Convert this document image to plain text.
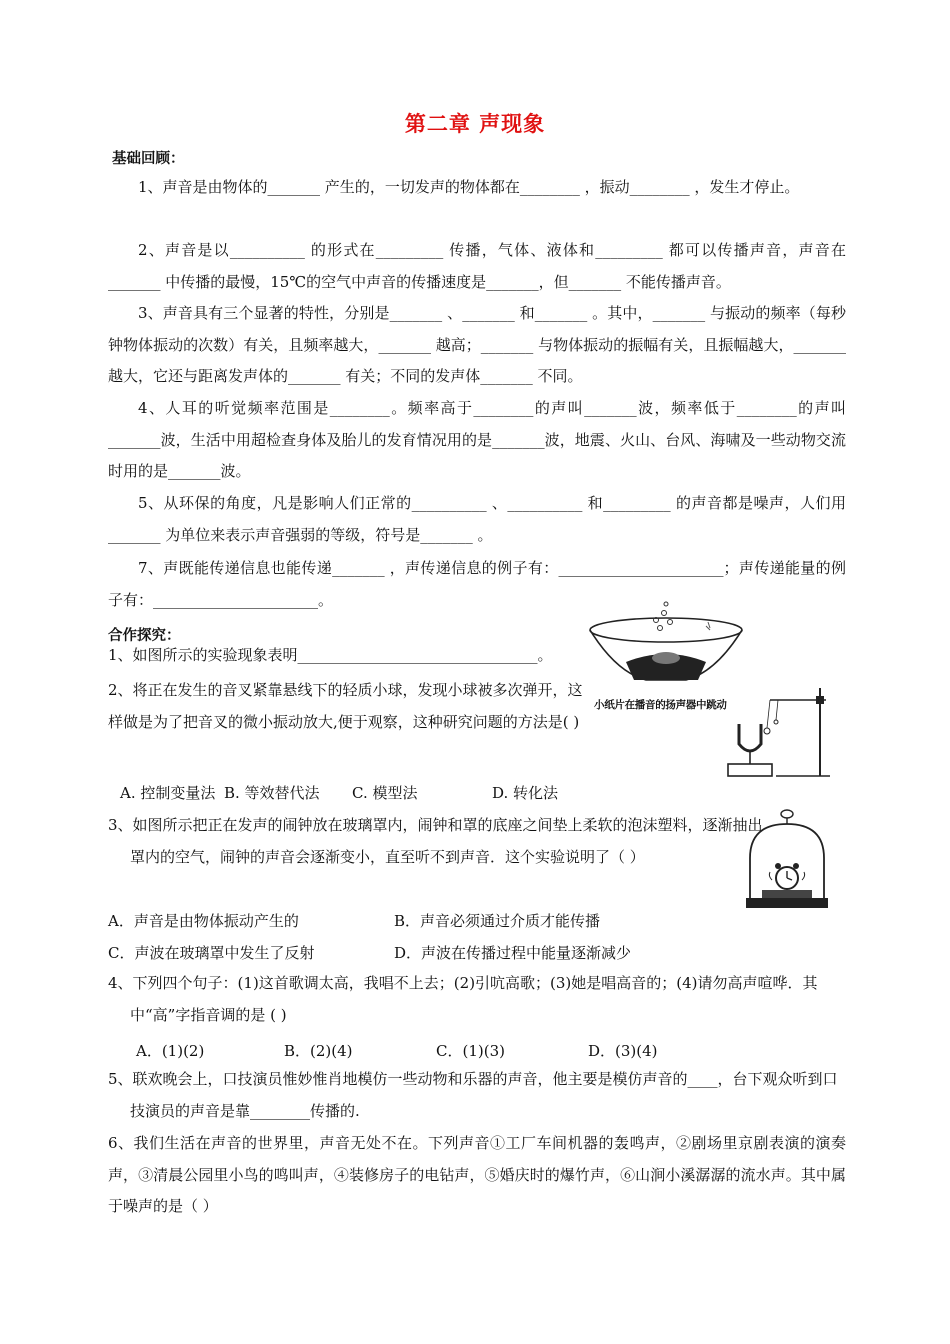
第二章 声现象
基础回顾：
1、声音是由物体的_______ 产生的，一切发声的物体都在________ ，振动________ ，发生才停止。
2、声音是以__________ 的形式在_________ 传播，气体、液体和_________ 都可以传播声音，声音在_______ 中传播的最慢，15℃的空气中声音的传播速度是_______，但_______ 不能传播声音。
3、声音具有三个显著的特性，分别是_______ 、_______ 和_______ 。其中，_______ 与振动的频率（每秒钟物体振动的次数）有关，且频率越大，_______ 越高；_______ 与物体振动的振幅有关，且振幅越大，_______ 越大，它还与距离发声体的_______ 有关；不同的发声体_______ 不同。
4、人耳的听觉频率范围是________。频率高于________的声叫_______波，频率低于________的声叫_______波，生活中用超检查身体及胎儿的发育情况用的是_______波，地震、火山、台风、海啸及一些动物交流时用的是_______波。
5、从环保的角度，凡是影响人们正常的__________ 、__________ 和_________ 的声音都是噪声，人们用_______ 为单位来表示声音强弱的等级，符号是_______ 。
7、声既能传递信息也能传递_______ ，声传递信息的例子有：______________________；声传递能量的例子有：______________________。
合作探究：
1、如图所示的实验现象表明________________________________。
小纸片在播音的扬声器中跳动
2、将正在发生的音叉紧靠悬线下的轻质小球，发现小球被多次弹开，这样做是为了把音叉的微小振动放大,便于观察，这种研究问题的方法是( )
A. 控制变量法 B. 等效替代法	C. 模型法	D. 转化法
3、如图所示把正在发声的闹钟放在玻璃罩内，闹钟和罩的底座之间垫上柔软的泡沫塑料，逐渐抽出罩内的空气，闹钟的声音会逐渐变小，直至听不到声音．这个实验说明了（ ）
A．声音是由物体振动产生的	B．声音必须通过介质才能传播
C．声波在玻璃罩中发生了反射	D．声波在传播过程中能量逐渐减少
4、下列四个句子：(1)这首歌调太高，我唱不上去；(2)引吭高歌；(3)她是唱高音的；(4)请勿高声喧哗．其中“高”字指音调的是 ( )
A．(1)(2)	B．(2)(4)	C．(1)(3)	D．(3)(4)
5、联欢晚会上，口技演员惟妙惟肖地模仿一些动物和乐器的声音，他主要是模仿声音的____，台下观众听到口技演员的声音是靠________传播的.
6、我们生活在声音的世界里，声音无处不在。下列声音①工厂车间机器的轰鸣声，②剧场里京剧表演的演奏声，③清晨公园里小鸟的鸣叫声，④装修房子的电钻声，⑤婚庆时的爆竹声，⑥山涧小溪潺潺的流水声。其中属于噪声的是（ ）
